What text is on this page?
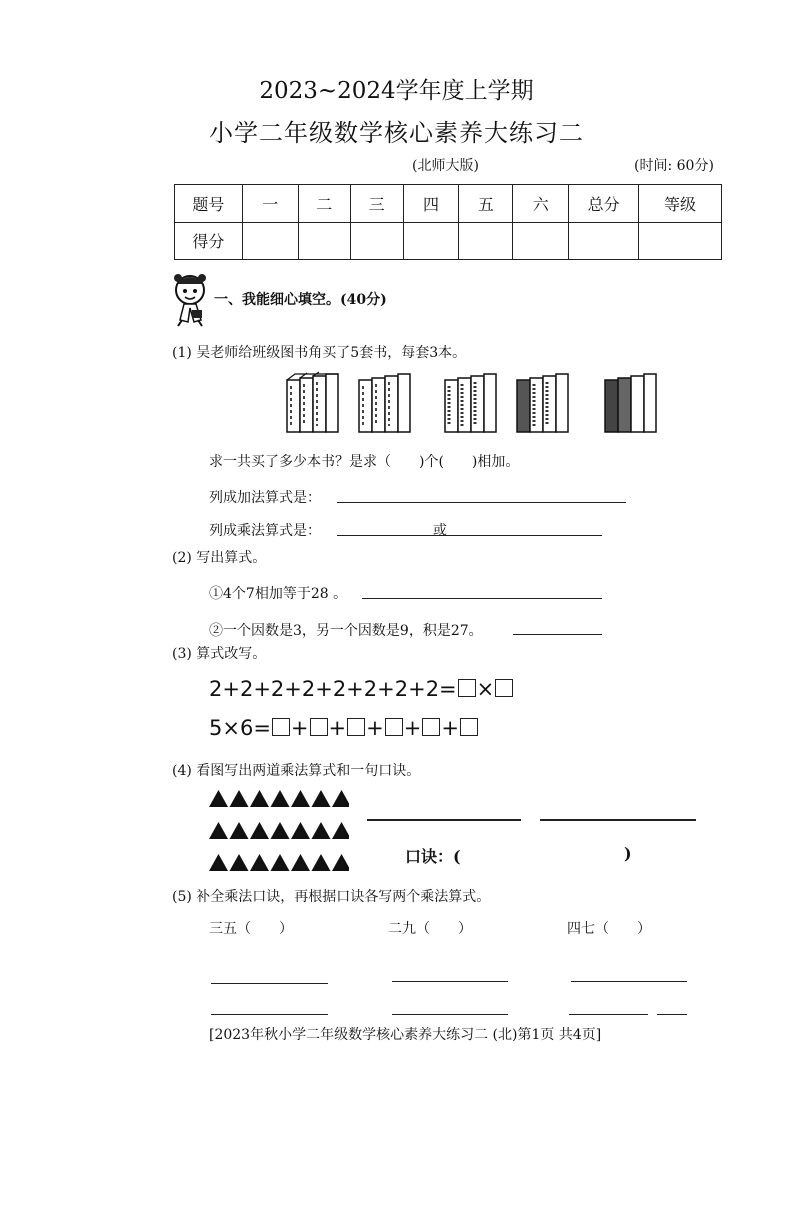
2023~2024学年度上学期
小学二年级数学核心素养大练习二
(北师大版)	(时间: 60分)
题号	一	二	三	四	五	六	总分	等级
得分								
一、我能细心填空。(40分)
(1) 吴老师给班级图书角买了5套书，每套3本。
求一共买了多少本书？是求（　　)个(　　)相加。
列成加法算式是：
列成乘法算式是：	或
(2) 写出算式。
①4个7相加等于28 。
②一个因数是3，另一个因数是9，积是27。
(3) 算式改写。
2+2+2+2+2+2+2+2= ×
5×6= + + + + +
(4) 看图写出两道乘法算式和一句口诀。
口诀：(	)
(5) 补全乘法口诀，再根据口诀各写两个乘法算式。
三五（　　）	二九（　　）	四七（　　）
[2023年秋小学二年级数学核心素养大练习二 (北)第1页 共4页]
